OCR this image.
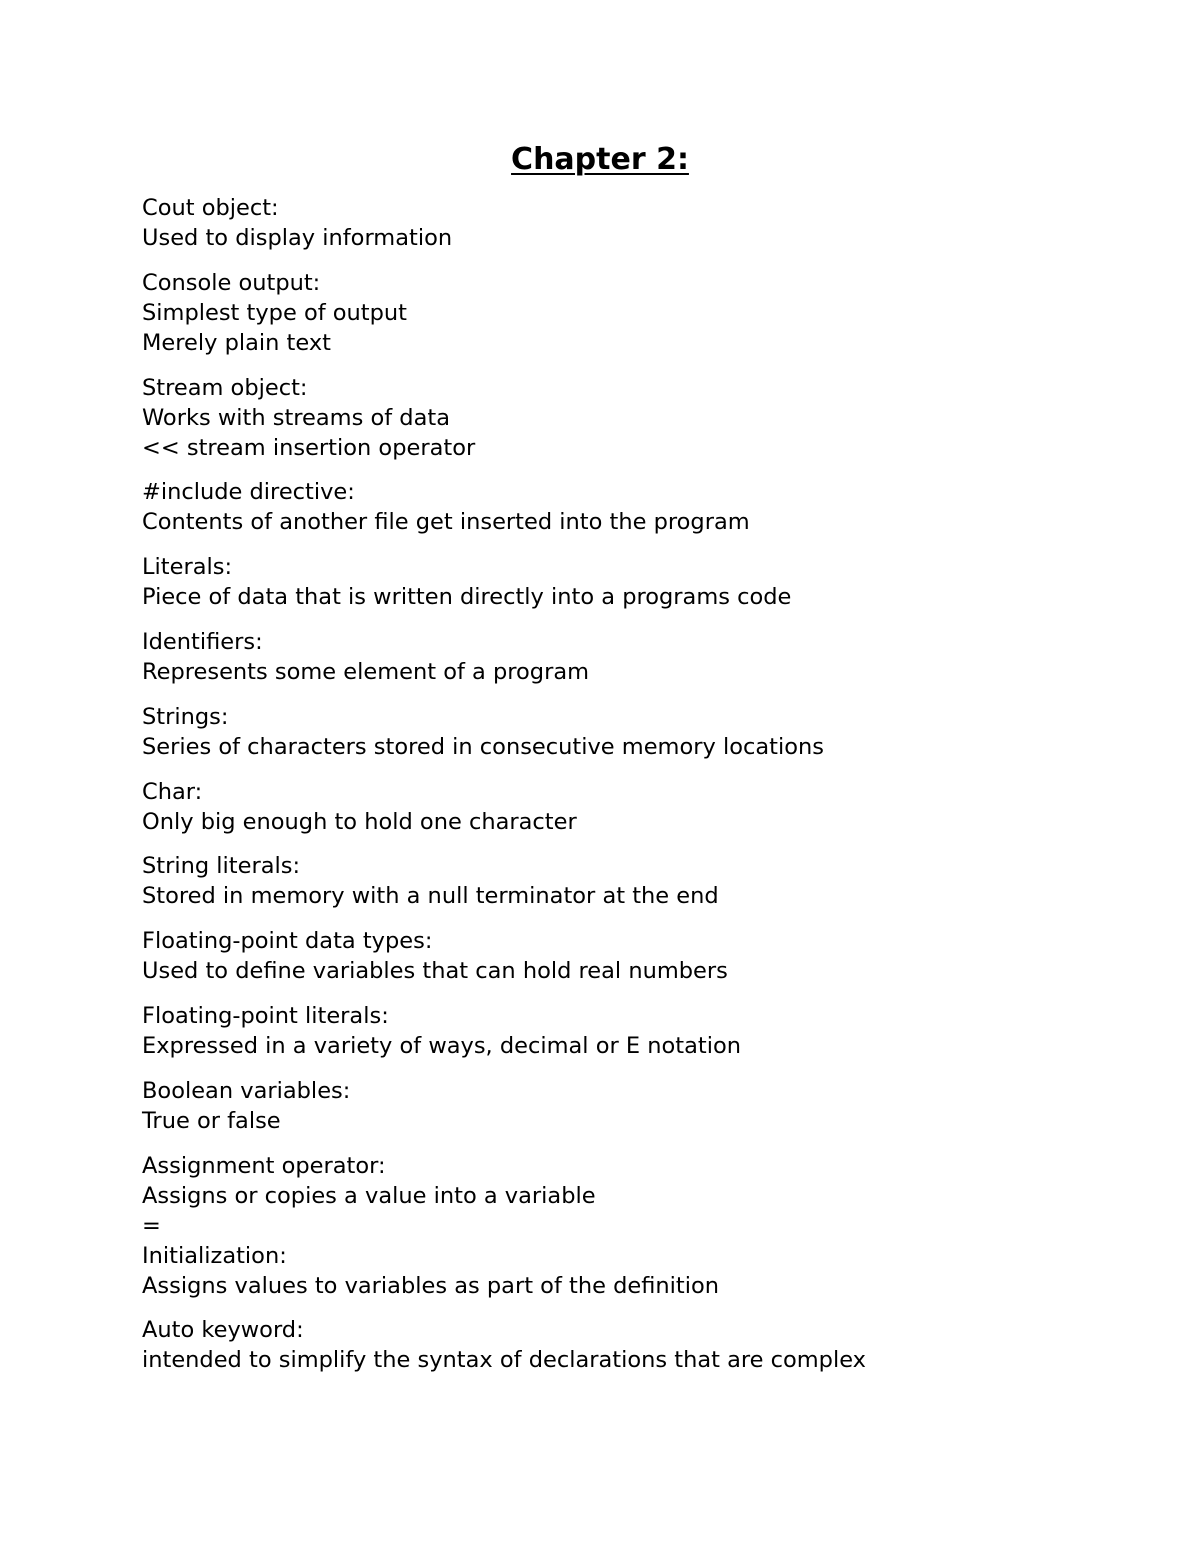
Chapter 2:
Cout object:
Used to display information
Console output:
Simplest type of output
Merely plain text
Stream object:
Works with streams of data
<< stream insertion operator
#include directive:
Contents of another file get inserted into the program
Literals:
Piece of data that is written directly into a programs code
Identifiers:
Represents some element of a program
Strings:
Series of characters stored in consecutive memory locations
Char:
Only big enough to hold one character
String literals:
Stored in memory with a null terminator at the end
Floating-point data types:
Used to define variables that can hold real numbers
Floating-point literals:
Expressed in a variety of ways, decimal or E notation
Boolean variables:
True or false
Assignment operator:
Assigns or copies a value into a variable
=
Initialization:
Assigns values to variables as part of the definition
Auto keyword:
intended to simplify the syntax of declarations that are complex
